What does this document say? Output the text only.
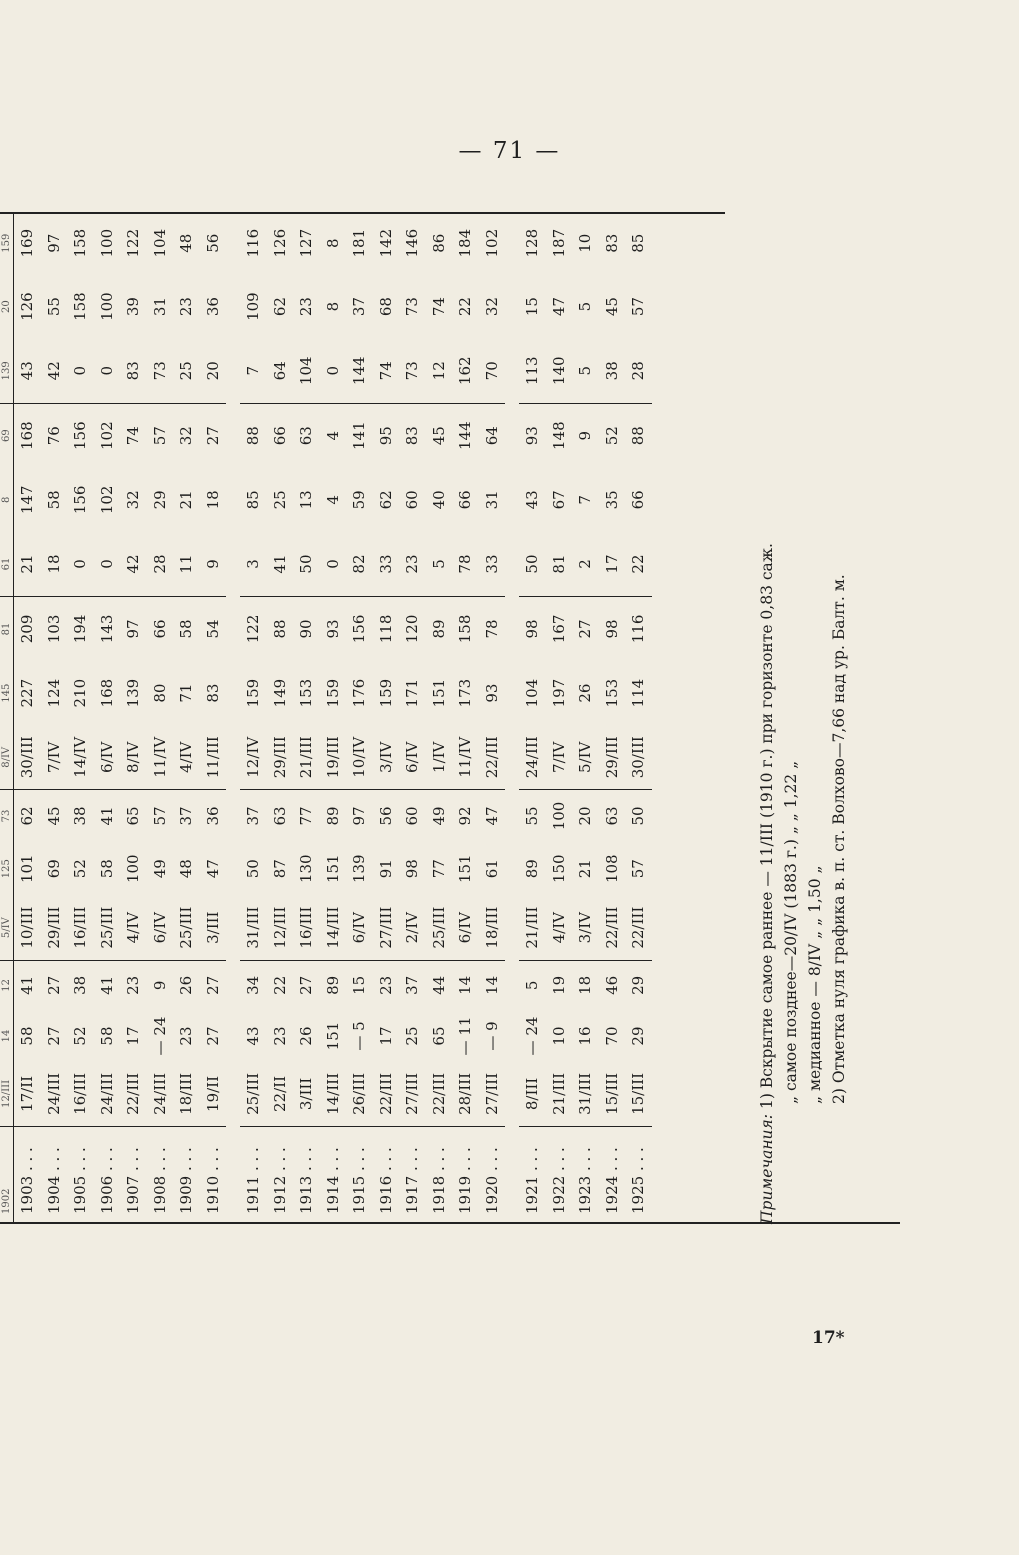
— 71 —
1902	12/III	14	12	5/IV	125	73	8/IV	145	81	61	8	69	139	20	159
1903 . . .	17/II	58	41	10/III	101	62	30/III	227	209	21	147	168	43	126	169
1904 . . .	24/III	27	27	29/III	69	45	7/IV	124	103	18	58	76	42	55	97
1905 . . .	16/III	52	38	16/III	52	38	14/IV	210	194	0	156	156	0	158	158
1906 . . .	24/III	58	41	25/III	58	41	6/IV	168	143	0	102	102	0	100	100
1907 . . .	22/III	17	23	4/IV	100	65	8/IV	139	97	42	32	74	83	39	122
1908 . . .	24/III	— 24	9	6/IV	49	57	11/IV	80	66	28	29	57	73	31	104
1909 . . .	18/III	23	26	25/III	48	37	4/IV	71	58	11	21	32	25	23	48
1910 . . .	19/II	27	27	3/III	47	36	11/III	83	54	9	18	27	20	36	56

1911 . . .	25/III	43	34	31/III	50	37	12/IV	159	122	3	85	88	7	109	116
1912 . . .	22/II	23	22	12/III	87	63	29/III	149	88	41	25	66	64	62	126
1913 . . .	3/III	26	27	16/III	130	77	21/III	153	90	50	13	63	104	23	127
1914 . . .	14/III	151	89	14/III	151	89	19/III	159	93	0	4	4	0	8	8
1915 . . .	26/III	— 5	15	6/IV	139	97	10/IV	176	156	82	59	141	144	37	181
1916 . . .	22/III	17	23	27/III	91	56	3/IV	159	118	33	62	95	74	68	142
1917 . . .	27/III	25	37	2/IV	98	60	6/IV	171	120	23	60	83	73	73	146
1918 . . .	22/III	65	44	25/III	77	49	1/IV	151	89	5	40	45	12	74	86
1919 . . .	28/III	— 11	14	6/IV	151	92	11/IV	173	158	78	66	144	162	22	184
1920 . . .	27/III	— 9	14	18/III	61	47	22/III	93	78	33	31	64	70	32	102

1921 . . .	8/III	— 24	5	21/III	89	55	24/III	104	98	50	43	93	113	15	128
1922 . . .	21/III	10	19	4/IV	150	100	7/IV	197	167	81	67	148	140	47	187
1923 . . .	31/III	16	18	3/IV	21	20	5/IV	26	27	2	7	9	5	5	10
1924 . . .	15/III	70	46	22/III	108	63	29/III	153	98	17	35	52	38	45	83
1925 . . .	15/III	29	29	22/III	57	50	30/III	114	116	22	66	88	28	57	85
Примечания: 1) Вскрытие самое раннее — 11/III (1910 г.) при горизонте 0,83 саж. „ самое позднее—20/IV (1883 г.) „ „ 1,22 „ „ медианное — 8/IV „ „ 1,50 „ 2) Отметка нуля графика в. п. ст. Волхово—7,66 над ур. Балт. м.
17*
